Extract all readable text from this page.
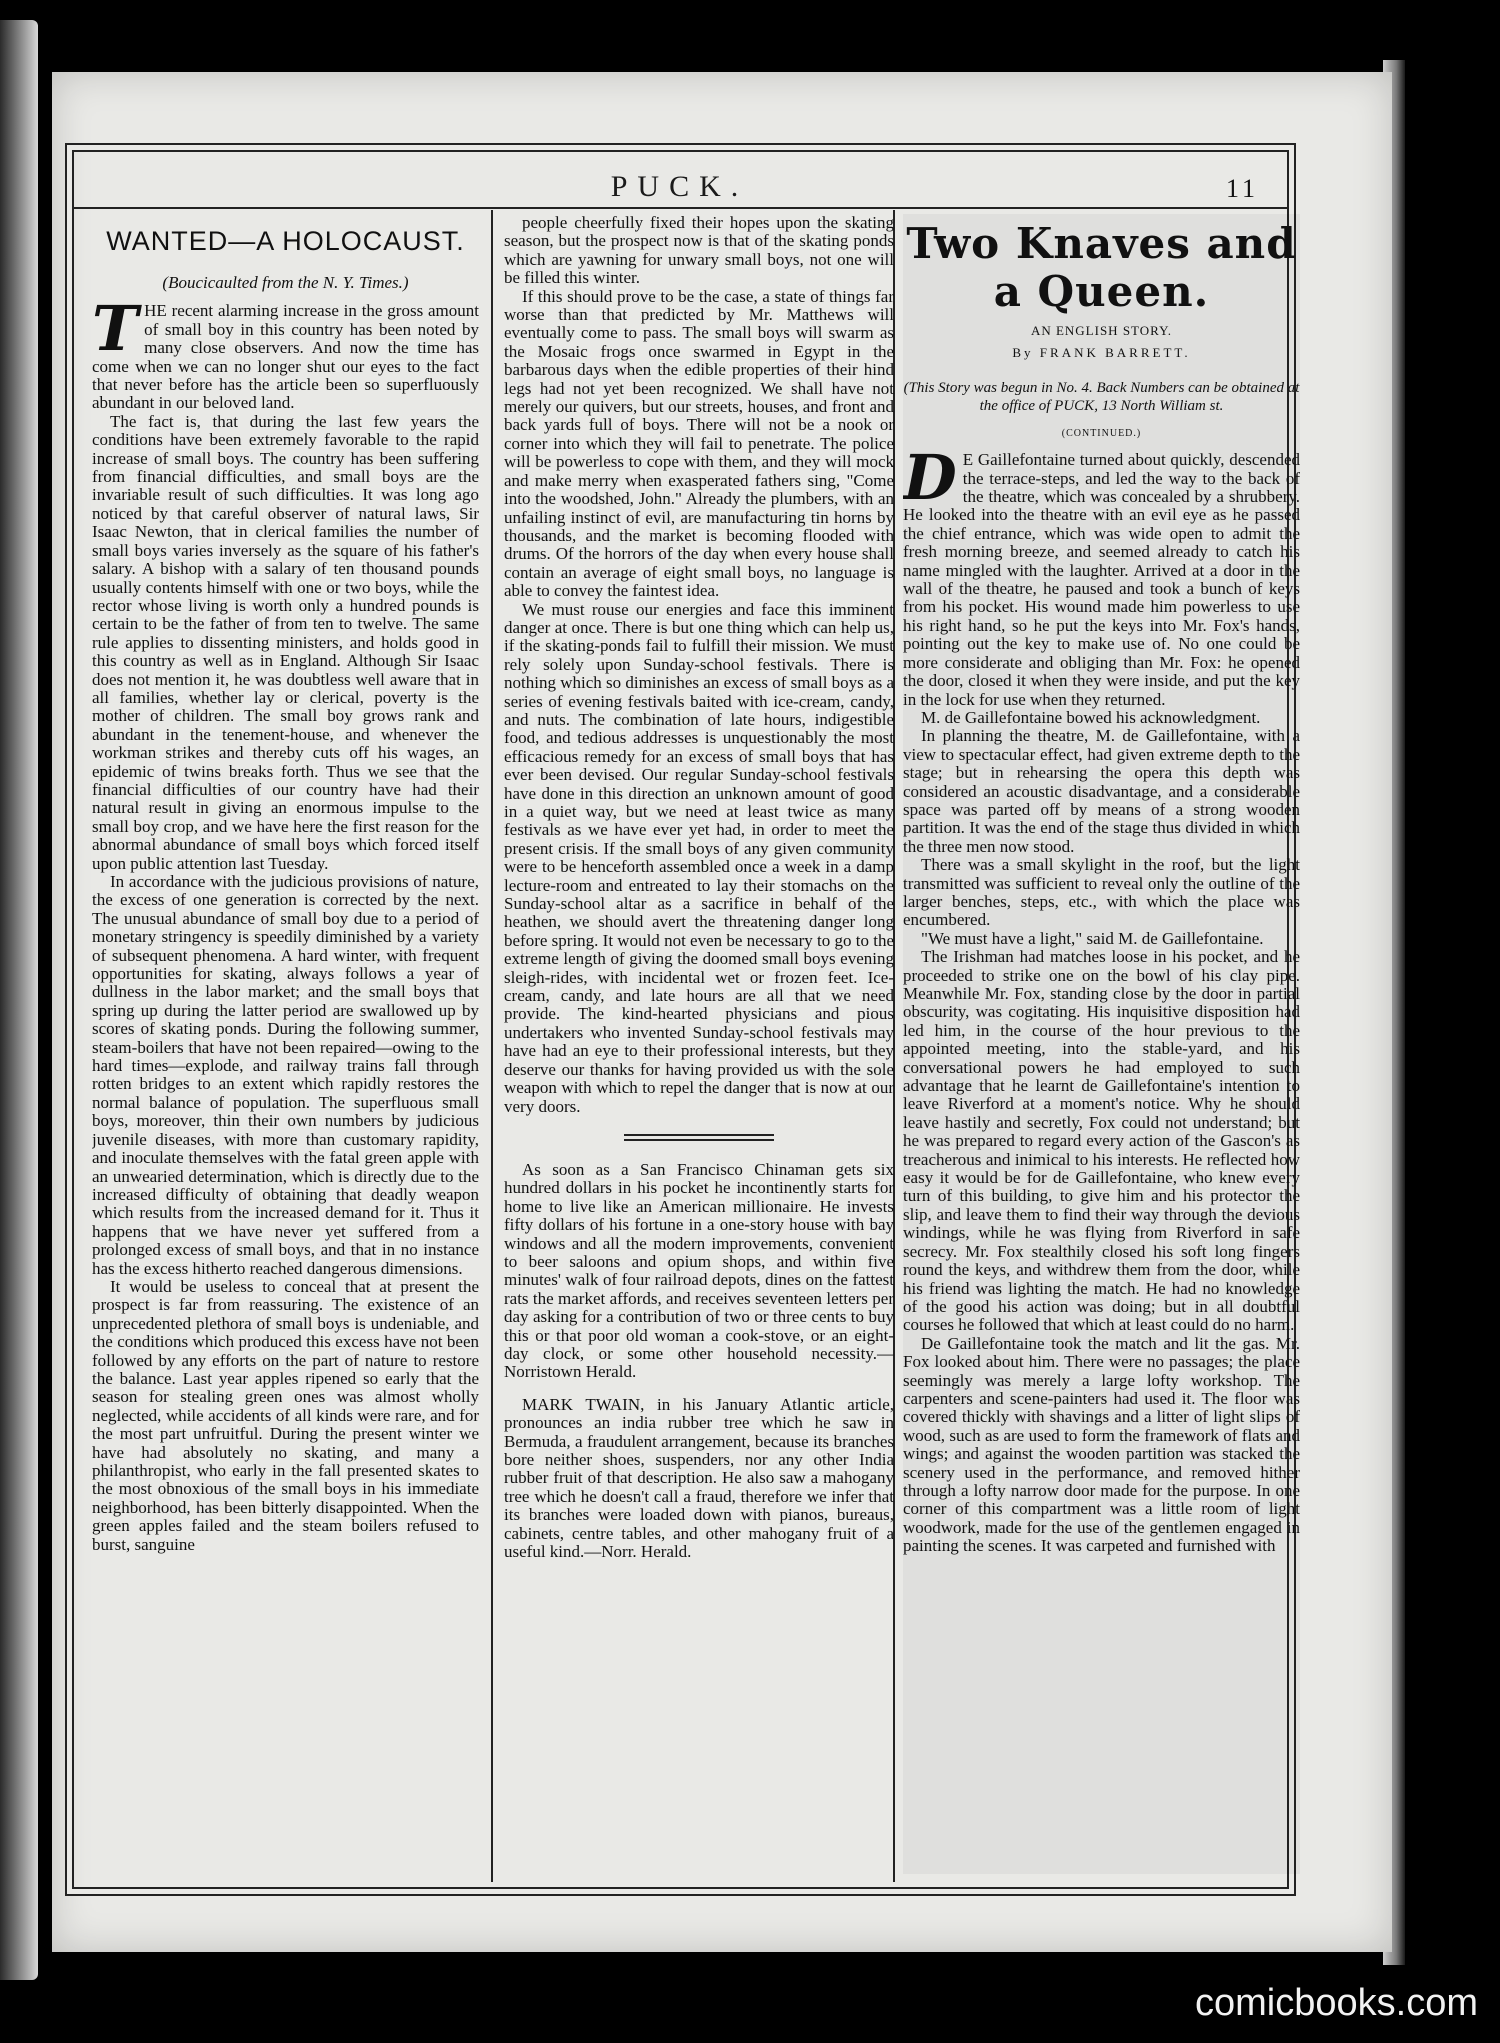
PUCK.	11
WANTED—A HOLOCAUST.

(Boucicaulted from the N. Y. Times.)

THE recent alarming increase in the gross amount of small boy in this country has been noted by many close observers. And now the time has come when we can no longer shut our eyes to the fact that never before has the article been so superfluously abundant in our beloved land.

The fact is, that during the last few years the conditions have been extremely favorable to the rapid increase of small boys. The country has been suffering from financial difficulties, and small boys are the invariable result of such difficulties. It was long ago noticed by that careful observer of natural laws, Sir Isaac Newton, that in clerical families the number of small boys varies inversely as the square of his father's salary. A bishop with a salary of ten thousand pounds usually contents himself with one or two boys, while the rector whose living is worth only a hundred pounds is certain to be the father of from ten to twelve. The same rule applies to dissenting ministers, and holds good in this country as well as in England. Although Sir Isaac does not mention it, he was doubtless well aware that in all families, whether lay or clerical, poverty is the mother of children. The small boy grows rank and abundant in the tenement-house, and whenever the workman strikes and thereby cuts off his wages, an epidemic of twins breaks forth. Thus we see that the financial difficulties of our country have had their natural result in giving an enormous impulse to the small boy crop, and we have here the first reason for the abnormal abundance of small boys which forced itself upon public attention last Tuesday.

In accordance with the judicious provisions of nature, the excess of one generation is corrected by the next. The unusual abundance of small boy due to a period of monetary stringency is speedily diminished by a variety of subsequent phenomena. A hard winter, with frequent opportunities for skating, always follows a year of dullness in the labor market; and the small boys that spring up during the latter period are swallowed up by scores of skating ponds. During the following summer, steam-boilers that have not been repaired—owing to the hard times—explode, and railway trains fall through rotten bridges to an extent which rapidly restores the normal balance of population. The superfluous small boys, moreover, thin their own numbers by judicious juvenile diseases, with more than customary rapidity, and inoculate themselves with the fatal green apple with an unwearied determination, which is directly due to the increased difficulty of obtaining that deadly weapon which results from the increased demand for it. Thus it happens that we have never yet suffered from a prolonged excess of small boys, and that in no instance has the excess hitherto reached dangerous dimensions.

It would be useless to conceal that at present the prospect is far from reassuring. The existence of an unprecedented plethora of small boys is undeniable, and the conditions which produced this excess have not been followed by any efforts on the part of nature to restore the balance. Last year apples ripened so early that the season for stealing green ones was almost wholly neglected, while accidents of all kinds were rare, and for the most part unfruitful. During the present winter we have had absolutely no skating, and many a philanthropist, who early in the fall presented skates to the most obnoxious of the small boys in his immediate neighborhood, has been bitterly disappointed. When the green apples failed and the steam boilers refused to burst, sanguine

people cheerfully fixed their hopes upon the skating season, but the prospect now is that of the skating ponds which are yawning for unwary small boys, not one will be filled this winter.

If this should prove to be the case, a state of things far worse than that predicted by Mr. Matthews will eventually come to pass. The small boys will swarm as the Mosaic frogs once swarmed in Egypt in the barbarous days when the edible properties of their hind legs had not yet been recognized. We shall have not merely our quivers, but our streets, houses, and front and back yards full of boys. There will not be a nook or corner into which they will fail to penetrate. The police will be powerless to cope with them, and they will mock and make merry when exasperated fathers sing, "Come into the woodshed, John." Already the plumbers, with an unfailing instinct of evil, are manufacturing tin horns by thousands, and the market is becoming flooded with drums. Of the horrors of the day when every house shall contain an average of eight small boys, no language is able to convey the faintest idea.

We must rouse our energies and face this imminent danger at once. There is but one thing which can help us, if the skating-ponds fail to fulfill their mission. We must rely solely upon Sunday-school festivals. There is nothing which so diminishes an excess of small boys as a series of evening festivals baited with ice-cream, candy, and nuts. The combination of late hours, indigestible food, and tedious addresses is unquestionably the most efficacious remedy for an excess of small boys that has ever been devised. Our regular Sunday-school festivals have done in this direction an unknown amount of good in a quiet way, but we need at least twice as many festivals as we have ever yet had, in order to meet the present crisis. If the small boys of any given community were to be henceforth assembled once a week in a damp lecture-room and entreated to lay their stomachs on the Sunday-school altar as a sacrifice in behalf of the heathen, we should avert the threatening danger long before spring. It would not even be necessary to go to the extreme length of giving the doomed small boys evening sleigh-rides, with incidental wet or frozen feet. Ice-cream, candy, and late hours are all that we need provide. The kind-hearted physicians and pious undertakers who invented Sunday-school festivals may have had an eye to their professional interests, but they deserve our thanks for having provided us with the sole weapon with which to repel the danger that is now at our very doors.

As soon as a San Francisco Chinaman gets six hundred dollars in his pocket he incontinently starts for home to live like an American millionaire. He invests fifty dollars of his fortune in a one-story house with bay windows and all the modern improvements, convenient to beer saloons and opium shops, and within five minutes' walk of four railroad depots, dines on the fattest rats the market affords, and receives seventeen letters per day asking for a contribution of two or three cents to buy this or that poor old woman a cook-stove, or an eight-day clock, or some other household necessity.—Norristown Herald.

MARK TWAIN, in his January Atlantic article, pronounces an india rubber tree which he saw in Bermuda, a fraudulent arrangement, because its branches bore neither shoes, suspenders, nor any other India rubber fruit of that description. He also saw a mahogany tree which he doesn't call a fraud, therefore we infer that its branches were loaded down with pianos, bureaus, cabinets, centre tables, and other mahogany fruit of a useful kind.—Norr. Herald.

Two Knaves and a Queen.

AN ENGLISH STORY.

By FRANK BARRETT.

(This Story was begun in No. 4. Back Numbers can be obtained at the office of PUCK, 13 North William st.

(CONTINUED.)

D E Gaillefontaine turned about quickly, descended the terrace-steps, and led the way to the back of the theatre, which was concealed by a shrubbery. He looked into the theatre with an evil eye as he passed the chief entrance, which was wide open to admit the fresh morning breeze, and seemed already to catch his name mingled with the laughter. Arrived at a door in the wall of the theatre, he paused and took a bunch of keys from his pocket. His wound made him powerless to use his right hand, so he put the keys into Mr. Fox's hands, pointing out the key to make use of. No one could be more considerate and obliging than Mr. Fox: he opened the door, closed it when they were inside, and put the key in the lock for use when they returned.

M. de Gaillefontaine bowed his acknowledgment.

In planning the theatre, M. de Gaillefontaine, with a view to spectacular effect, had given extreme depth to the stage; but in rehearsing the opera this depth was considered an acoustic disadvantage, and a considerable space was parted off by means of a strong wooden partition. It was the end of the stage thus divided in which the three men now stood.

There was a small skylight in the roof, but the light transmitted was sufficient to reveal only the outline of the larger benches, steps, etc., with which the place was encumbered.

"We must have a light," said M. de Gaillefontaine.

The Irishman had matches loose in his pocket, and he proceeded to strike one on the bowl of his clay pipe. Meanwhile Mr. Fox, standing close by the door in partial obscurity, was cogitating. His inquisitive disposition had led him, in the course of the hour previous to the appointed meeting, into the stable-yard, and his conversational powers he had employed to such advantage that he learnt de Gaillefontaine's intention to leave Riverford at a moment's notice. Why he should leave hastily and secretly, Fox could not understand; but he was prepared to regard every action of the Gascon's as treacherous and inimical to his interests. He reflected how easy it would be for de Gaillefontaine, who knew every turn of this building, to give him and his protector the slip, and leave them to find their way through the devious windings, while he was flying from Riverford in safe secrecy. Mr. Fox stealthily closed his soft long fingers round the keys, and withdrew them from the door, while his friend was lighting the match. He had no knowledge of the good his action was doing; but in all doubtful courses he followed that which at least could do no harm.

De Gaillefontaine took the match and lit the gas. Mr. Fox looked about him. There were no passages; the place seemingly was merely a large lofty workshop. The carpenters and scene-painters had used it. The floor was covered thickly with shavings and a litter of light slips of wood, such as are used to form the framework of flats and wings; and against the wooden partition was stacked the scenery used in the performance, and removed hither through a lofty narrow door made for the purpose. In one corner of this compartment was a little room of light woodwork, made for the use of the gentlemen engaged in painting the scenes. It was carpeted and furnished with

comicbooks.com
